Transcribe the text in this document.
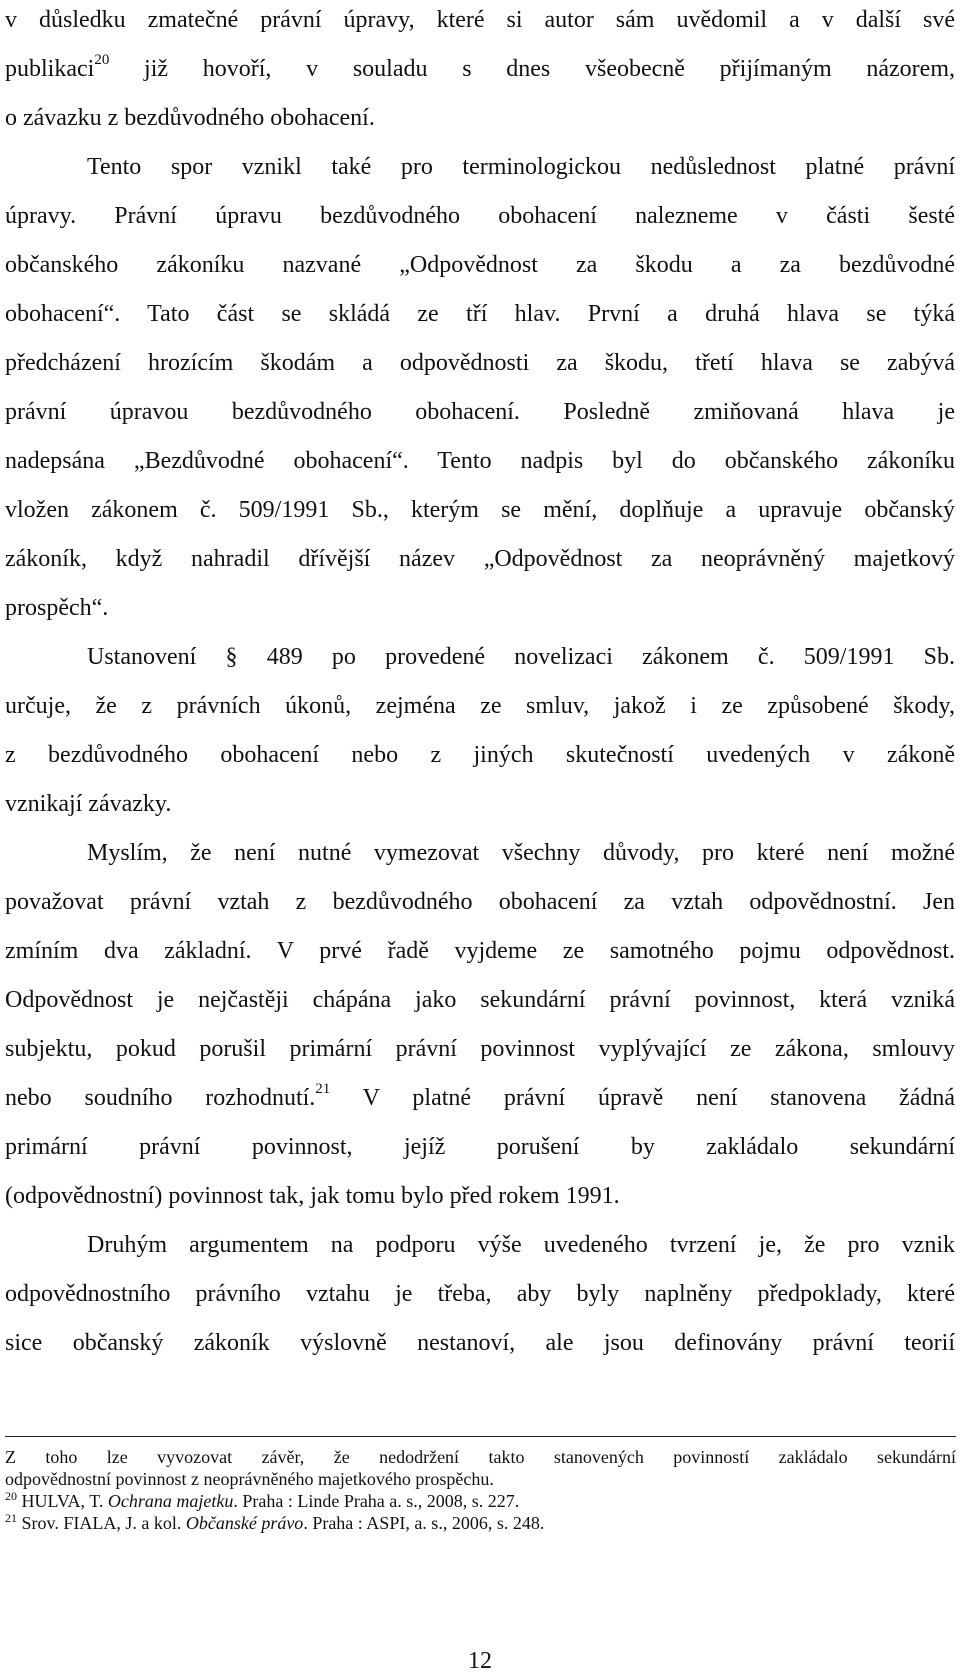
v důsledku zmatečné právní úpravy, které si autor sám uvědomil a v další své
publikaci$^{20}$ již hovoří, v souladu s dnes všeobecně přijímaným názorem,
o závazku z bezdůvodného obohacení.
Tento spor vznikl také pro terminologickou nedůslednost platné právní
úpravy. Právní úpravu bezdůvodného obohacení nalezneme v části šesté
občanského zákoníku nazvané „Odpovědnost za škodu a za bezdůvodné
obohacení“. Tato část se skládá ze tří hlav. První a druhá hlava se týká
předcházení hrozícím škodám a odpovědnosti za škodu, třetí hlava se zabývá
právní úpravou bezdůvodného obohacení. Posledně zmiňovaná hlava je
nadepsána „Bezdůvodné obohacení“. Tento nadpis byl do občanského zákoníku
vložen zákonem č. 509/1991 Sb., kterým se mění, doplňuje a upravuje občanský
zákoník, když nahradil dřívější název „Odpovědnost za neoprávněný majetkový
prospěch“.
Ustanovení § 489 po provedené novelizaci zákonem č. 509/1991 Sb.
určuje, že z právních úkonů, zejména ze smluv, jakož i ze způsobené škody,
z bezdůvodného obohacení nebo z jiných skutečností uvedených v zákoně
vznikají závazky.
Myslím, že není nutné vymezovat všechny důvody, pro které není možné
považovat právní vztah z bezdůvodného obohacení za vztah odpovědnostní. Jen
zmíním dva základní. V prvé řadě vyjdeme ze samotného pojmu odpovědnost.
Odpovědnost je nejčastěji chápána jako sekundární právní povinnost, která vzniká
subjektu, pokud porušil primární právní povinnost vyplývající ze zákona, smlouvy
nebo soudního rozhodnutí.$^{21}$ V platné právní úpravě není stanovena žádná
primární právní povinnost, jejíž porušení by zakládalo sekundární
(odpovědnostní) povinnost tak, jak tomu bylo před rokem 1991.
Druhým argumentem na podporu výše uvedeného tvrzení je, že pro vznik
odpovědnostního právního vztahu je třeba, aby byly naplněny předpoklady, které
sice občanský zákoník výslovně nestanoví, ale jsou definovány právní teorií
Z toho lze vyvozovat závěr, že nedodržení takto stanovených povinností zakládalo sekundární
odpovědnostní povinnost z neoprávněného majetkového prospěchu.
$^{20}$ HULVA, T. Ochrana majetku. Praha : Linde Praha a. s., 2008, s. 227.
$^{21}$ Srov. FIALA, J. a kol. Občanské právo. Praha : ASPI, a. s., 2006, s. 248.
12
